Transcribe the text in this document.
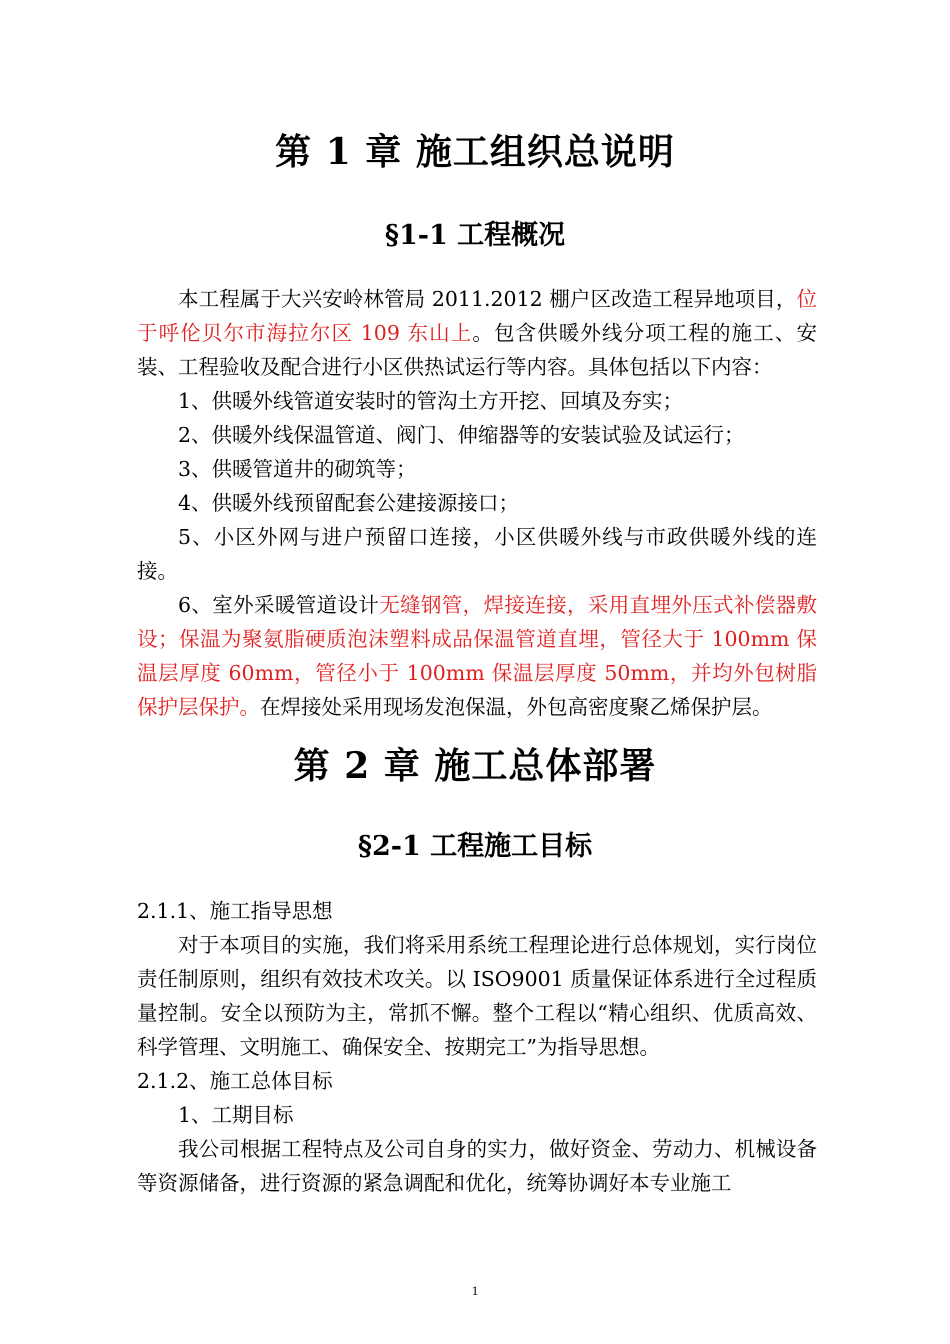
第 1 章 施工组织总说明
§1-1 工程概况
本工程属于大兴安岭林管局 2011.2012 棚户区改造工程异地项目，位于呼伦贝尔市海拉尔区 109 东山上。包含供暖外线分项工程的施工、安装、工程验收及配合进行小区供热试运行等内容。具体包括以下内容：
1、供暖外线管道安装时的管沟土方开挖、回填及夯实；
2、供暖外线保温管道、阀门、伸缩器等的安装试验及试运行；
3、供暖管道井的砌筑等；
4、供暖外线预留配套公建接源接口；
5、小区外网与进户预留口连接，小区供暖外线与市政供暖外线的连接。
6、室外采暖管道设计无缝钢管，焊接连接，采用直埋外压式补偿器敷设；保温为聚氨脂硬质泡沫塑料成品保温管道直埋，管径大于 100mm 保温层厚度 60mm，管径小于 100mm 保温层厚度 50mm，并均外包树脂保护层保护。在焊接处采用现场发泡保温，外包高密度聚乙烯保护层。
第 2 章 施工总体部署
§2-1 工程施工目标
2.1.1、施工指导思想
对于本项目的实施，我们将采用系统工程理论进行总体规划，实行岗位责任制原则，组织有效技术攻关。以 ISO9001 质量保证体系进行全过程质量控制。安全以预防为主，常抓不懈。整个工程以“精心组织、优质高效、科学管理、文明施工、确保安全、按期完工”为指导思想。
2.1.2、施工总体目标
1、工期目标
我公司根据工程特点及公司自身的实力，做好资金、劳动力、机械设备等资源储备，进行资源的紧急调配和优化，统筹协调好本专业施工
1
